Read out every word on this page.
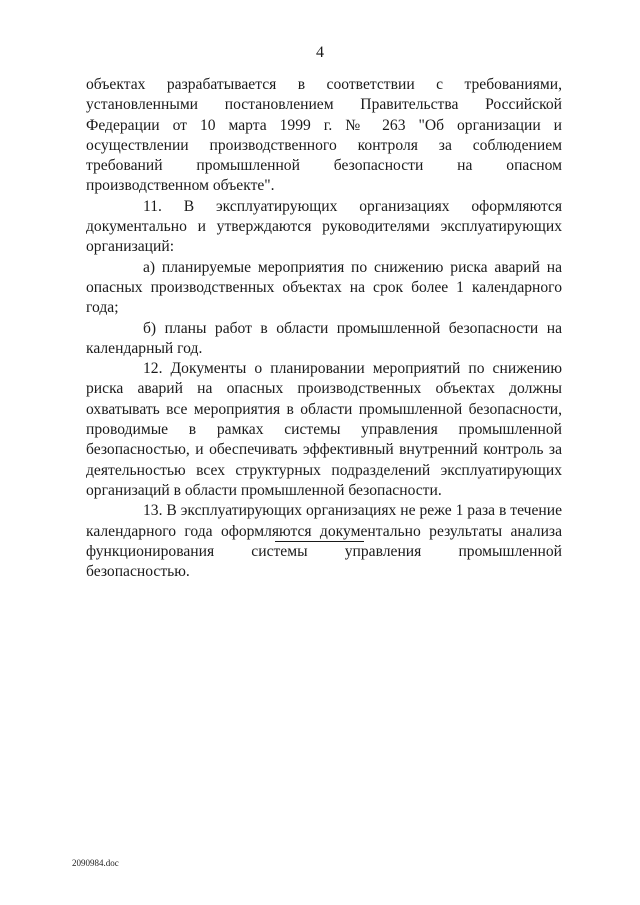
4

объектах разрабатывается в соответствии с требованиями, установленными постановлением Правительства Российской Федерации от 10 марта 1999 г. № 263 "Об организации и осуществлении производственного контроля за соблюдением требований промышленной безопасности на опасном производственном объекте".

11. В эксплуатирующих организациях оформляются документально и утверждаются руководителями эксплуатирующих организаций:

а) планируемые мероприятия по снижению риска аварий на опасных производственных объектах на срок более 1 календарного года;

б) планы работ в области промышленной безопасности на календарный год.

12. Документы о планировании мероприятий по снижению риска аварий на опасных производственных объектах должны охватывать все мероприятия в области промышленной безопасности, проводимые в рамках системы управления промышленной безопасностью, и обеспечивать эффективный внутренний контроль за деятельностью всех структурных подразделений эксплуатирующих организаций в области промышленной безопасности.

13. В эксплуатирующих организациях не реже 1 раза в течение календарного года оформляются документально результаты анализа функционирования системы управления промышленной безопасностью.

2090984.doc
